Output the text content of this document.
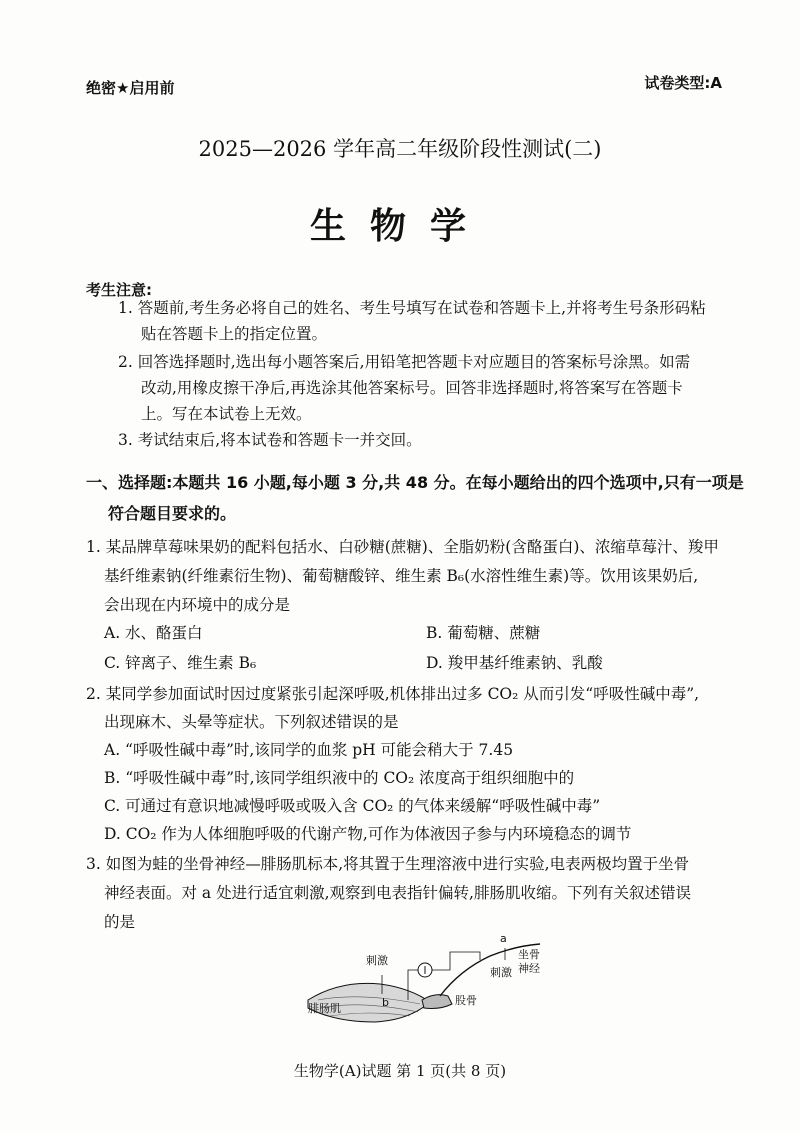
绝密★启用前	试卷类型:A
2025—2026 学年高二年级阶段性测试(二)
生物学
考生注意:
1. 答题前,考生务必将自己的姓名、考生号填写在试卷和答题卡上,并将考生号条形码粘
贴在答题卡上的指定位置。
2. 回答选择题时,选出每小题答案后,用铅笔把答题卡对应题目的答案标号涂黑。如需
改动,用橡皮擦干净后,再选涂其他答案标号。回答非选择题时,将答案写在答题卡
上。写在本试卷上无效。
3. 考试结束后,将本试卷和答题卡一并交回。
一、选择题:本题共 16 小题,每小题 3 分,共 48 分。在每小题给出的四个选项中,只有一项是
符合题目要求的。
1. 某品牌草莓味果奶的配料包括水、白砂糖(蔗糖)、全脂奶粉(含酪蛋白)、浓缩草莓汁、羧甲
基纤维素钠(纤维素衍生物)、葡萄糖酸锌、维生素 B₆(水溶性维生素)等。饮用该果奶后,
会出现在内环境中的成分是
A. 水、酪蛋白	B. 葡萄糖、蔗糖
C. 锌离子、维生素 B₆	D. 羧甲基纤维素钠、乳酸
2. 某同学参加面试时因过度紧张引起深呼吸,机体排出过多 CO₂ 从而引发“呼吸性碱中毒”,
出现麻木、头晕等症状。下列叙述错误的是
A. “呼吸性碱中毒”时,该同学的血浆 pH 可能会稍大于 7.45
B. “呼吸性碱中毒”时,该同学组织液中的 CO₂ 浓度高于组织细胞中的
C. 可通过有意识地减慢呼吸或吸入含 CO₂ 的气体来缓解“呼吸性碱中毒”
D. CO₂ 作为人体细胞呼吸的代谢产物,可作为体液因子参与内环境稳态的调节
3. 如图为蛙的坐骨神经—腓肠肌标本,将其置于生理溶液中进行实验,电表两极均置于坐骨
神经表面。对 a 处进行适宜刺激,观察到电表指针偏转,腓肠肌收缩。下列有关叙述错误
的是
刺激
b
a
刺激
坐骨
神经
腓肠肌
股骨
生物学(A)试题 第 1 页(共 8 页)
